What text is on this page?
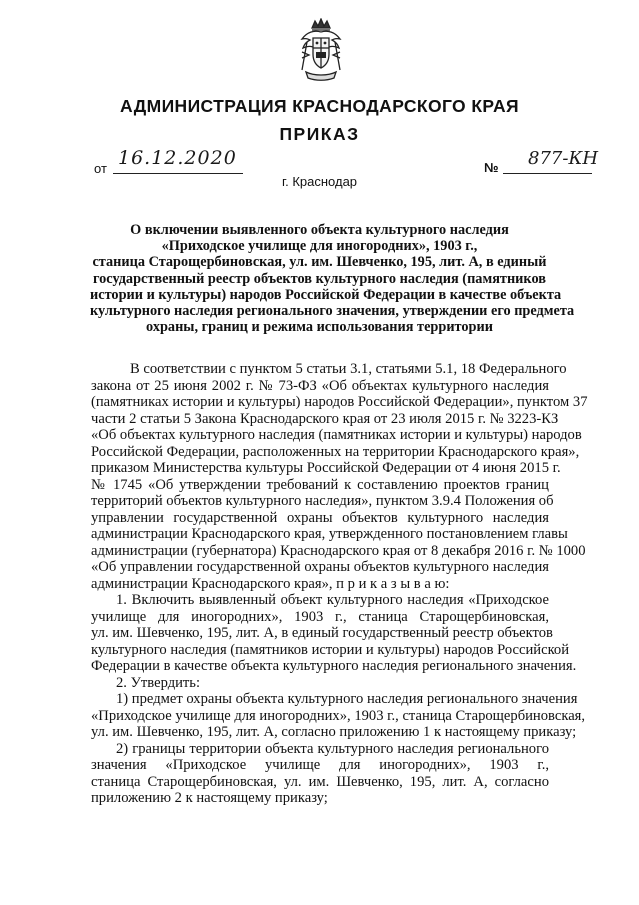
АДМИНИСТРАЦИЯ КРАСНОДАРСКОГО КРАЯ
ПРИКАЗ
от 16.12.2020	№ 877-КН
г. Краснодар
О включении выявленного объекта культурного наследия
«Приходское училище для иногородних», 1903 г.,
станица Старощербиновская, ул. им. Шевченко, 195, лит. А, в единый
государственный реестр объектов культурного наследия (памятников
истории и культуры) народов Российской Федерации в качестве объекта
культурного наследия регионального значения, утверждении его предмета
охраны, границ и режима использования территории
В соответствии с пунктом 5 статьи 3.1, статьями 5.1, 18 Федерального
закона от 25 июня 2002 г. № 73-ФЗ «Об объектах культурного наследия
(памятниках истории и культуры) народов Российской Федерации», пунктом 37
части 2 статьи 5 Закона Краснодарского края от 23 июля 2015 г. № 3223-КЗ
«Об объектах культурного наследия (памятниках истории и культуры) народов
Российской Федерации, расположенных на территории Краснодарского края»,
приказом Министерства культуры Российской Федерации от 4 июня 2015 г.
№ 1745 «Об утверждении требований к составлению проектов границ
территорий объектов культурного наследия», пунктом 3.9.4 Положения об
управлении государственной охраны объектов культурного наследия
администрации Краснодарского края, утвержденного постановлением главы
администрации (губернатора) Краснодарского края от 8 декабря 2016 г. № 1000
«Об управлении государственной охраны объектов культурного наследия
администрации Краснодарского края», п р и к а з ы в а ю:
1. Включить выявленный объект культурного наследия «Приходское
училище для иногородних», 1903 г., станица Старощербиновская,
ул. им. Шевченко, 195, лит. А, в единый государственный реестр объектов
культурного наследия (памятников истории и культуры) народов Российской
Федерации в качестве объекта культурного наследия регионального значения.
2. Утвердить:
1) предмет охраны объекта культурного наследия регионального значения
«Приходское училище для иногородних», 1903 г., станица Старощербиновская,
ул. им. Шевченко, 195, лит. А, согласно приложению 1 к настоящему приказу;
2) границы территории объекта культурного наследия регионального
значения «Приходское училище для иногородних», 1903 г.,
станица Старощербиновская, ул. им. Шевченко, 195, лит. А, согласно
приложению 2 к настоящему приказу;
